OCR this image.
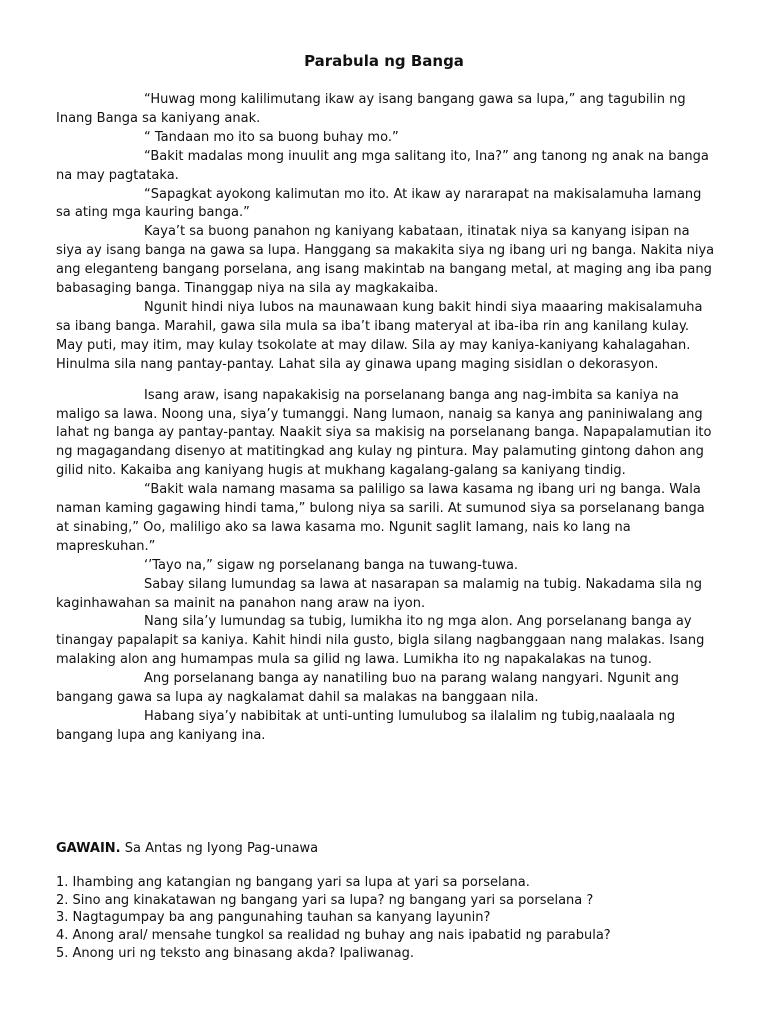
Parabula ng Banga

“Huwag mong kalilimutang ikaw ay isang bangang gawa sa lupa,” ang tagubilin ng Inang Banga sa kaniyang anak.

“ Tandaan mo ito sa buong buhay mo.”

“Bakit madalas mong inuulit ang mga salitang ito, Ina?” ang tanong ng anak na banga na may pagtataka.

“Sapagkat ayokong kalimutan mo ito. At ikaw ay nararapat na makisalamuha lamang sa ating mga kauring banga.”

Kaya’t sa buong panahon ng kaniyang kabataan, itinatak niya sa kanyang isipan na siya ay isang banga na gawa sa lupa. Hanggang sa makakita siya ng ibang uri ng banga. Nakita niya ang eleganteng bangang porselana, ang isang makintab na bangang metal, at maging ang iba pang babasaging banga. Tinanggap niya na sila ay magkakaiba.

Ngunit hindi niya lubos na maunawaan kung bakit hindi siya maaaring makisalamuha sa ibang banga. Marahil, gawa sila mula sa iba’t ibang materyal at iba-iba rin ang kanilang kulay. May puti, may itim, may kulay tsokolate at may dilaw. Sila ay may kaniya-kaniyang kahalagahan. Hinulma sila nang pantay-pantay. Lahat sila ay ginawa upang maging sisidlan o dekorasyon.

Isang araw, isang napakakisig na porselanang banga ang nag-imbita sa kaniya na maligo sa lawa. Noong una, siya’y tumanggi. Nang lumaon, nanaig sa kanya ang paniniwalang ang lahat ng banga ay pantay-pantay. Naakit siya sa makisig na porselanang banga. Napapalamutian ito ng magagandang disenyo at matitingkad ang kulay ng pintura. May palamuting gintong dahon ang gilid nito. Kakaiba ang kaniyang hugis at mukhang kagalang-galang sa kaniyang tindig.

“Bakit wala namang masama sa paliligo sa lawa kasama ng ibang uri ng banga. Wala naman kaming gagawing hindi tama,” bulong niya sa sarili. At sumunod siya sa porselanang banga at sinabing,” Oo, maliligo ako sa lawa kasama mo. Ngunit saglit lamang, nais ko lang na mapreskuhan.”

‘’Tayo na,” sigaw ng porselanang banga na tuwang-tuwa.

Sabay silang lumundag sa lawa at nasarapan sa malamig na tubig. Nakadama sila ng kaginhawahan sa mainit na panahon nang araw na iyon.

Nang sila’y lumundag sa tubig, lumikha ito ng mga alon. Ang porselanang banga ay tinangay papalapit sa kaniya. Kahit hindi nila gusto, bigla silang nagbanggaan nang malakas. Isang malaking alon ang humampas mula sa gilid ng lawa. Lumikha ito ng napakalakas na tunog.

Ang porselanang banga ay nanatiling buo na parang walang nangyari. Ngunit ang bangang gawa sa lupa ay nagkalamat dahil sa malakas na banggaan nila.

Habang siya’y nabibitak at unti-unting lumulubog sa ilalalim ng tubig,naalaala ng bangang lupa ang kaniyang ina.

GAWAIN. Sa Antas ng Iyong Pag-unawa
1. Ihambing ang katangian ng bangang yari sa lupa at yari sa porselana.
2. Sino ang kinakatawan ng bangang yari sa lupa? ng bangang yari sa porselana ?
3. Nagtagumpay ba ang pangunahing tauhan sa kanyang layunin?
4. Anong aral/ mensahe tungkol sa realidad ng buhay ang nais ipabatid ng parabula?
5. Anong uri ng teksto ang binasang akda? Ipaliwanag.
